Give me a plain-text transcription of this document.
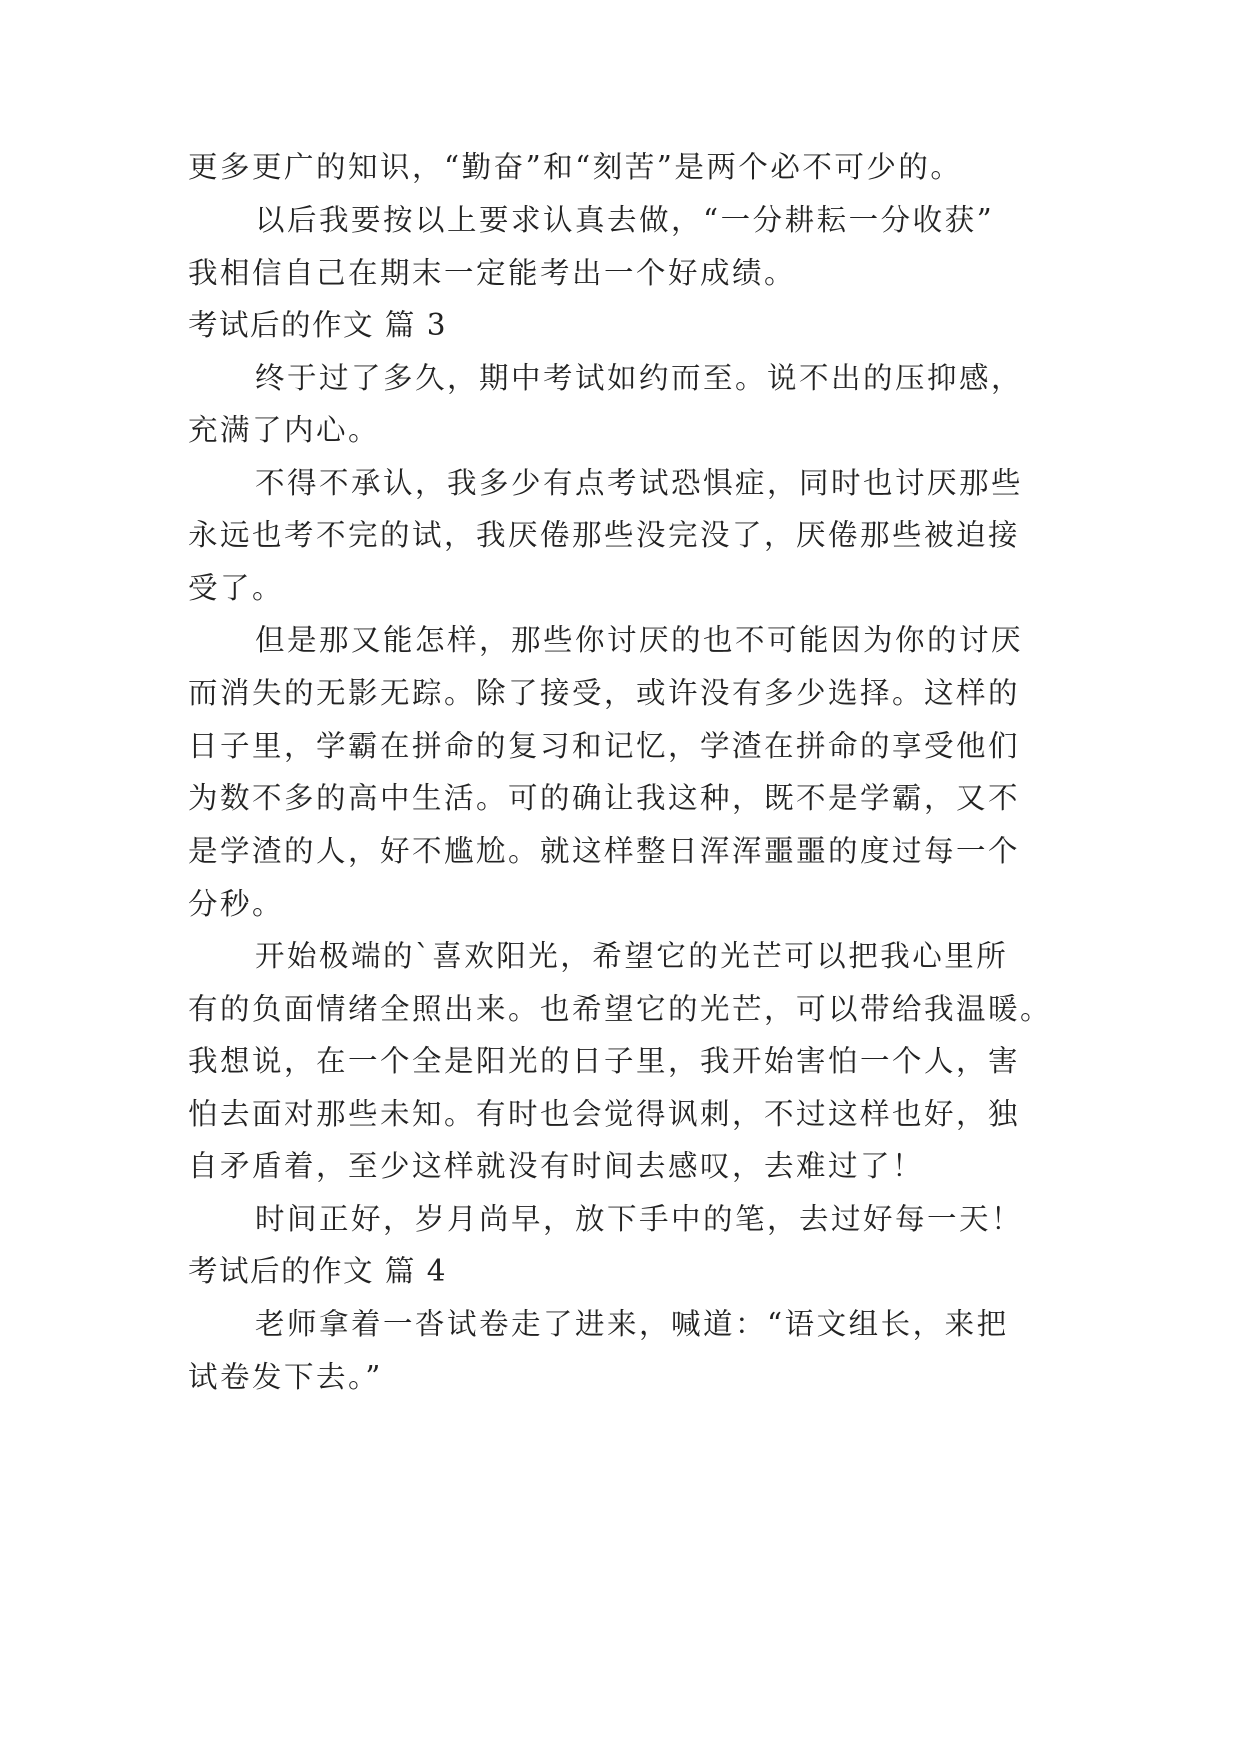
更多更广的知识，“勤奋”和“刻苦”是两个必不可少的。
以后我要按以上要求认真去做，“一分耕耘一分收获”
我相信自己在期末一定能考出一个好成绩。
考试后的作文 篇 3
终于过了多久，期中考试如约而至。说不出的压抑感，
充满了内心。
不得不承认，我多少有点考试恐惧症，同时也讨厌那些
永远也考不完的试，我厌倦那些没完没了，厌倦那些被迫接
受了。
但是那又能怎样，那些你讨厌的也不可能因为你的讨厌
而消失的无影无踪。除了接受，或许没有多少选择。这样的
日子里，学霸在拼命的复习和记忆，学渣在拼命的享受他们
为数不多的高中生活。可的确让我这种，既不是学霸，又不
是学渣的人，好不尴尬。就这样整日浑浑噩噩的度过每一个
分秒。
开始极端的`喜欢阳光，希望它的光芒可以把我心里所
有的负面情绪全照出来。也希望它的光芒，可以带给我温暖。
我想说，在一个全是阳光的日子里，我开始害怕一个人，害
怕去面对那些未知。有时也会觉得讽刺，不过这样也好，独
自矛盾着，至少这样就没有时间去感叹，去难过了！
时间正好，岁月尚早，放下手中的笔，去过好每一天！
考试后的作文 篇 4
老师拿着一沓试卷走了进来，喊道：“语文组长，来把
试卷发下去。”
